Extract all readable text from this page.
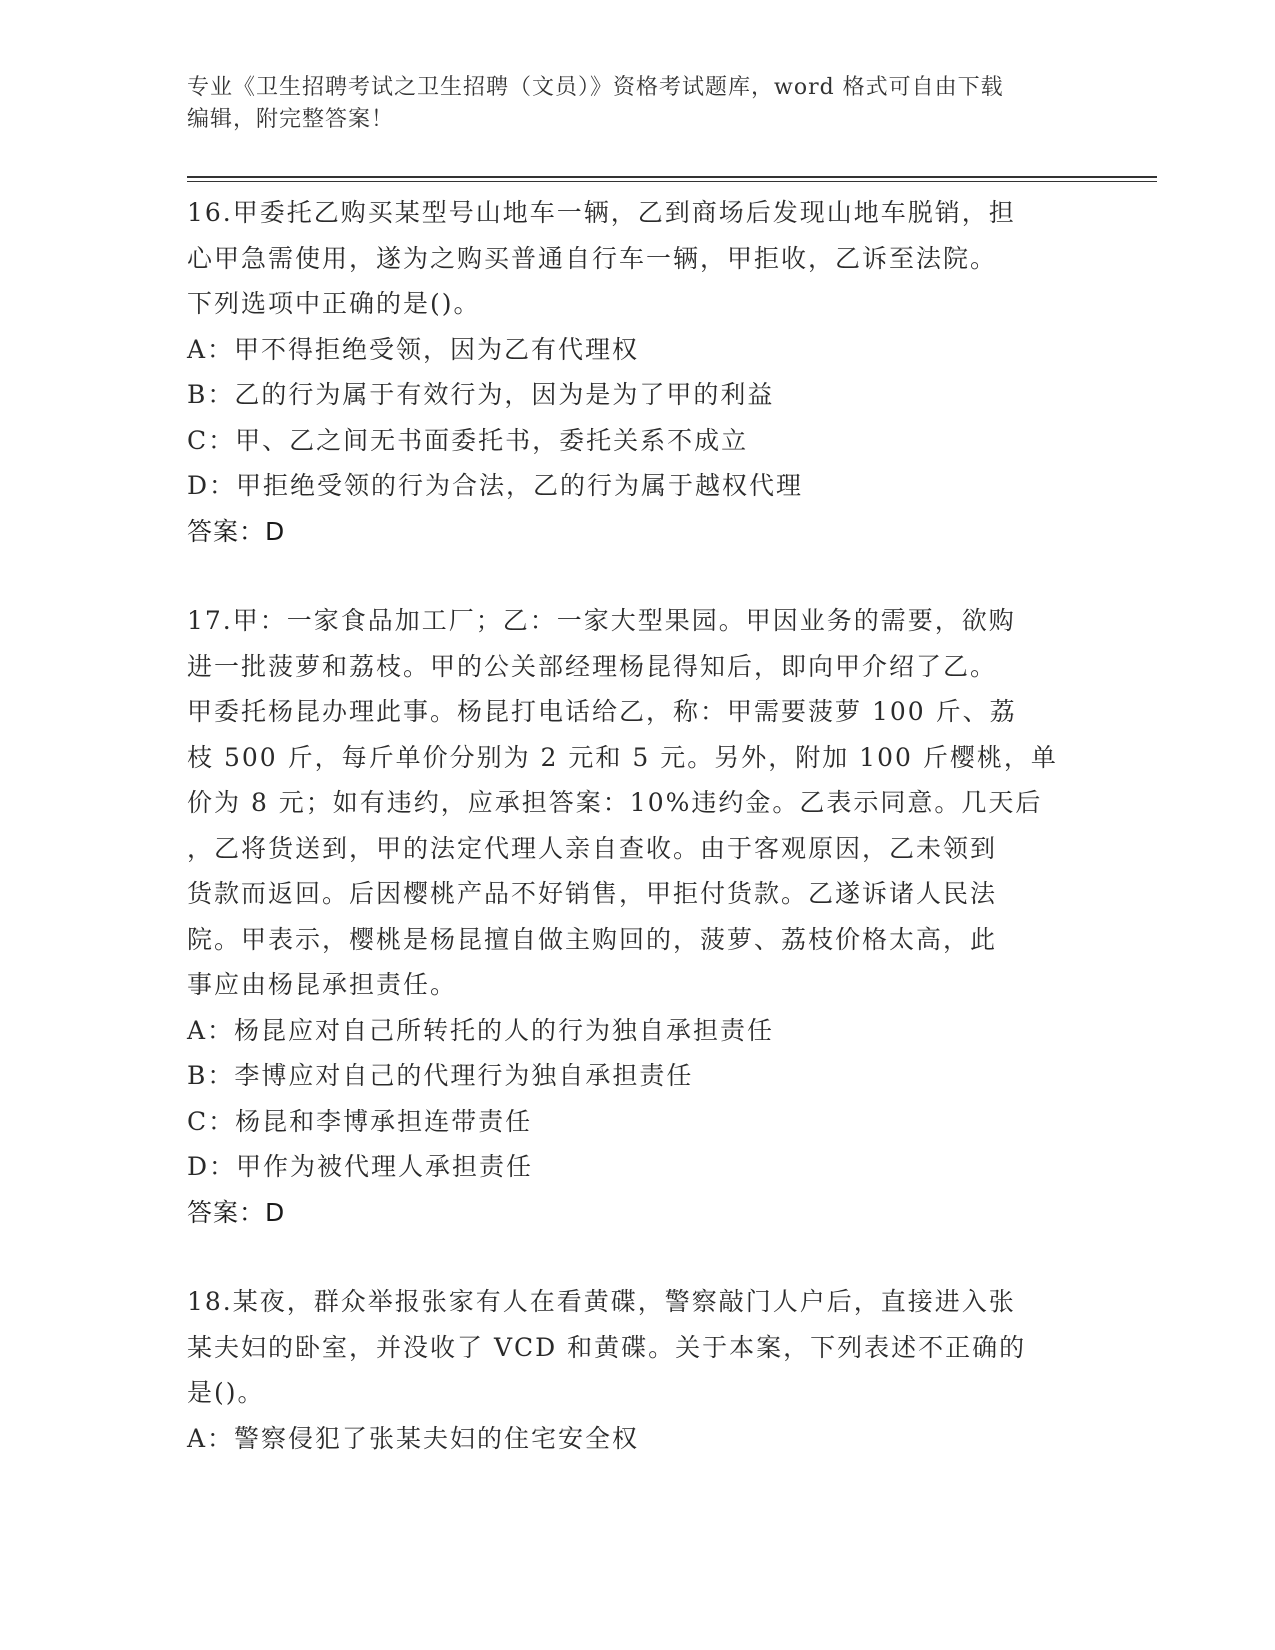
专业《卫生招聘考试之卫生招聘（文员）》资格考试题库，word 格式可自由下载
编辑，附完整答案！

16.甲委托乙购买某型号山地车一辆，乙到商场后发现山地车脱销，担

心甲急需使用，遂为之购买普通自行车一辆，甲拒收，乙诉至法院。

下列选项中正确的是()。

A：甲不得拒绝受领，因为乙有代理权

B：乙的行为属于有效行为，因为是为了甲的利益

C：甲、乙之间无书面委托书，委托关系不成立

D：甲拒绝受领的行为合法，乙的行为属于越权代理

答案：D

17.甲：一家食品加工厂；乙：一家大型果园。甲因业务的需要，欲购

进一批菠萝和荔枝。甲的公关部经理杨昆得知后，即向甲介绍了乙。

甲委托杨昆办理此事。杨昆打电话给乙，称：甲需要菠萝 100 斤、荔

枝 500 斤，每斤单价分别为 2 元和 5 元。另外，附加 100 斤樱桃，单

价为 8 元；如有违约，应承担答案：10%违约金。乙表示同意。几天后

，乙将货送到，甲的法定代理人亲自查收。由于客观原因，乙未领到

货款而返回。后因樱桃产品不好销售，甲拒付货款。乙遂诉诸人民法

院。甲表示，樱桃是杨昆擅自做主购回的，菠萝、荔枝价格太高，此

事应由杨昆承担责任。

A：杨昆应对自己所转托的人的行为独自承担责任

B：李博应对自己的代理行为独自承担责任

C：杨昆和李博承担连带责任

D：甲作为被代理人承担责任

答案：D

18.某夜，群众举报张家有人在看黄碟，警察敲门人户后，直接进入张

某夫妇的卧室，并没收了 VCD 和黄碟。关于本案，下列表述不正确的

是()。

A：警察侵犯了张某夫妇的住宅安全权
